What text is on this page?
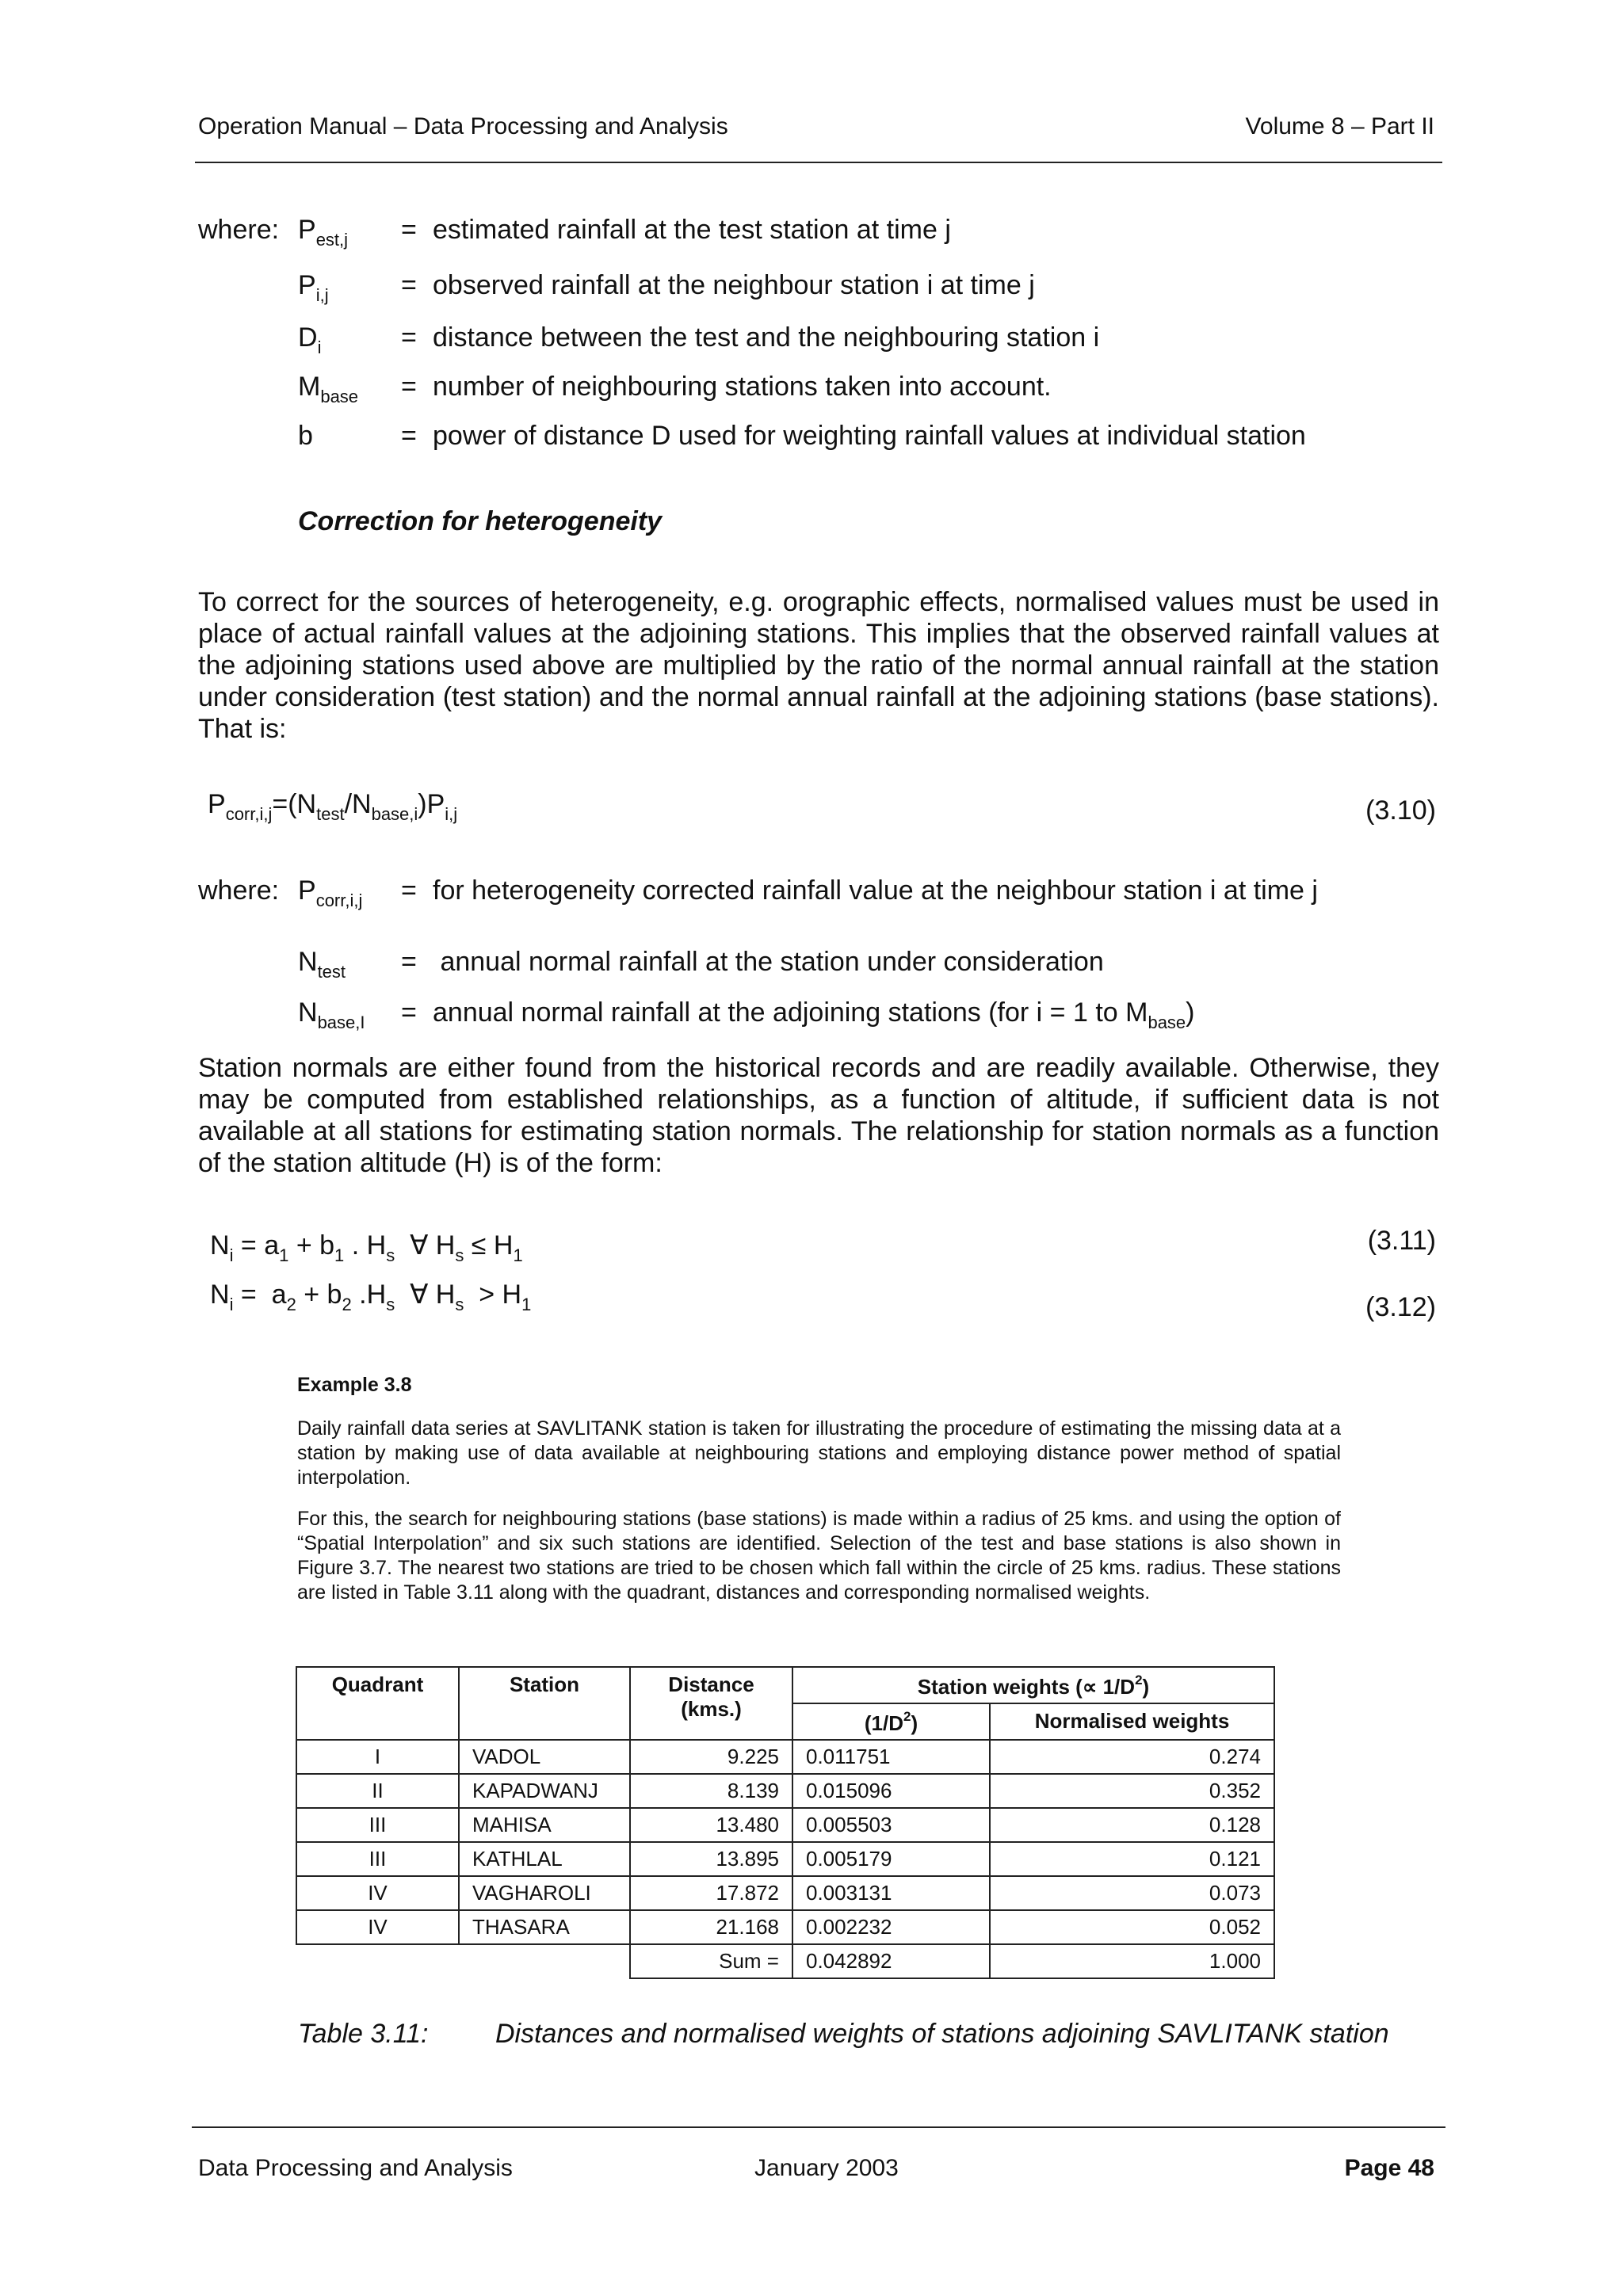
Operation Manual – Data Processing and Analysis	Volume 8 – Part II
where: $P_{est,j}$	= estimated rainfall at the test station at time j
$P_{i,j}$	= observed rainfall at the neighbour station i at time j
$D_i$	= distance between the test and the neighbouring station i
$M_{base}$	= number of neighbouring stations taken into account.
b	= power of distance D used for weighting rainfall values at individual station
Correction for heterogeneity
To correct for the sources of heterogeneity, e.g. orographic effects, normalised values must be used in place of actual rainfall values at the adjoining stations. This implies that the observed rainfall values at the adjoining stations used above are multiplied by the ratio of the normal annual rainfall at the station under consideration (test station) and the normal annual rainfall at the adjoining stations (base stations). That is:
$P_{corr,i,j}=(N_{test}/N_{base,i})P_{i,j}$	(3.10)
where: $P_{corr,i,j}$	= for heterogeneity corrected rainfall value at the neighbour station i at time j
$N_{test}$	= annual normal rainfall at the station under consideration
$N_{base,I}$	= annual normal rainfall at the adjoining stations (for i = 1 to $M_{base}$)
Station normals are either found from the historical records and are readily available. Otherwise, they may be computed from established relationships, as a function of altitude, if sufficient data is not available at all stations for estimating station normals. The relationship for station normals as a function of the station altitude (H) is of the form:
$N_i = a_1 + b_1$ . $H_s$  ∀ $H_s \le H_1$	(3.11)
$N_i = a_2 + b_2$ $.H_s$  ∀ $H_s > H_1$	(3.12)
Example 3.8
Daily rainfall data series at SAVLITANK station is taken for illustrating the procedure of estimating the missing data at a station by making use of data available at neighbouring stations and employing distance power method of spatial interpolation.
For this, the search for neighbouring stations (base stations) is made within a radius of 25 kms. and using the option of “Spatial Interpolation” and six such stations are identified. Selection of the test and base stations is also shown in Figure 3.7. The nearest two stations are tried to be chosen which fall within the circle of 25 kms. radius. These stations are listed in Table 3.11 along with the quadrant, distances and corresponding normalised weights.
Quadrant	Station	Distance (kms.)	Station weights (∝ $1/D^2$)	
			$(1/D^2)$	Normalised weights
I	VADOL	9.225	0.011751	0.274
II	KAPADWANJ	8.139	0.015096	0.352
III	MAHISA	13.480	0.005503	0.128
III	KATHLAL	13.895	0.005179	0.121
IV	VAGHAROLI	17.872	0.003131	0.073
IV	THASARA	21.168	0.002232	0.052
		Sum =	0.042892	1.000
Table 3.11: Distances and normalised weights of stations adjoining SAVLITANK station
Data Processing and Analysis	January 2003	Page 48
